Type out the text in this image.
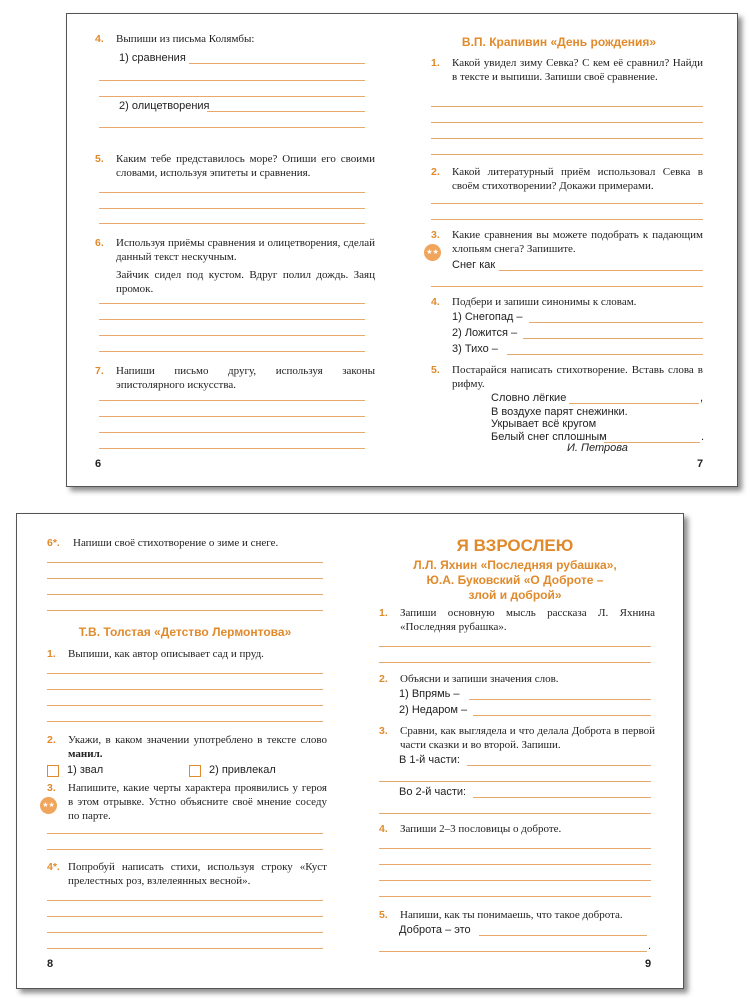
4.	Выпиши из письма Колямбы:
1) сравнения
2) олицетворения
5.	Каким тебе представилось море? Опиши его своими словами, используя эпитеты и сравнения.
6.	Используя приёмы сравнения и олицетворения, сделай данный текст нескучным.
Зайчик сидел под кустом. Вдруг полил дождь. Заяц промок.
7.	Напиши письмо другу, используя законы эпистолярного искусства.
6
В.П. Крапивин «День рождения»
1.	Какой увидел зиму Севка? С кем её сравнил? Найди в тексте и выпиши. Запиши своё сравнение.
2.	Какой литературный приём использовал Севка в своём стихотворении? Докажи примерами.
3.	Какие сравнения вы можете подобрать к падающим хлопьям снега? Запишите.
★★
Снег как
4.	Подбери и запиши синонимы к словам.
1) Снегопад –
2) Ложится –
3) Тихо –
5.	Постарайся написать стихотворение. Вставь слова в рифму.
Словно лёгкие	,
В воздухе парят снежинки.
Укрывает всё кругом
Белый снег сплошным	.
И. Петрова
7
6*.	Напиши своё стихотворение о зиме и снеге.
Т.В. Толстая «Детство Лермонтова»
1.	Выпиши, как автор описывает сад и пруд.
2.	Укажи, в каком значении употреблено в тексте слово манил.
1) звал	2) привлекал
3.	Напишите, какие черты характера проявились у героя в этом отрывке. Устно объясните своё мнение соседу по парте.
★★
4*. Попробуй написать стихи, используя строку «Куст прелестных роз, взлелеянных весной».
8
Я ВЗРОСЛЕЮ
Л.Л. Яхнин «Последняя рубашка»,
Ю.А. Буковский «О Доброте –
злой и доброй»
1.	Запиши основную мысль рассказа Л. Яхнина «Последняя рубашка».
2.	Объясни и запиши значения слов.
1) Впрямь –
2) Недаром –
3.	Сравни, как выглядела и что делала Доброта в первой части сказки и во второй. Запиши.
В 1-й части:
Во 2-й части:
4.	Запиши 2–3 пословицы о доброте.
5.	Напиши, как ты понимаешь, что такое доброта.
Доброта – это
.
9
